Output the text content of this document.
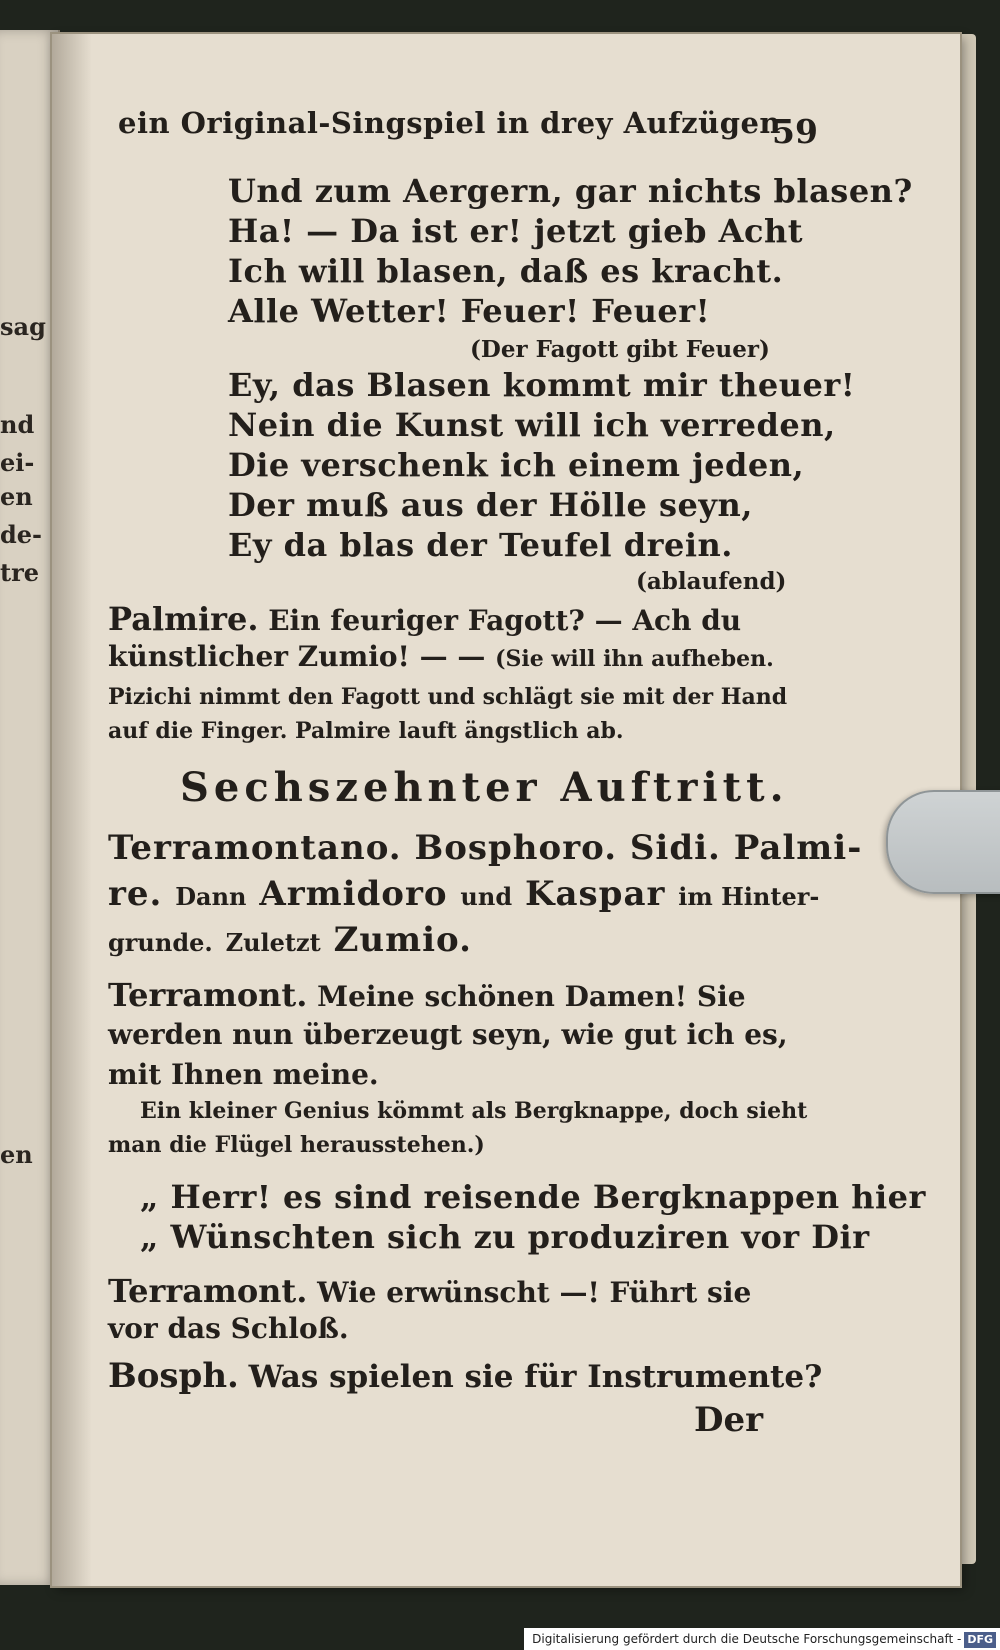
sag
nd
ei-
en
de-
tre
en
ein Original-Singspiel in drey Aufzügen
59
Und zum Aergern, gar nichts blasen?
Ha! — Da ist er! jetzt gieb Acht
Ich will blasen, daß es kracht.
Alle Wetter! Feuer! Feuer!
(Der Fagott gibt Feuer)
Ey, das Blasen kommt mir theuer!
Nein die Kunst will ich verreden,
Die verschenk ich einem jeden,
Der muß aus der Hölle seyn,
Ey da blas der Teufel drein.
(ablaufend)
Palmire. Ein feuriger Fagott? — Ach du
künstlicher Zumio! — — (Sie will ihn aufheben.
Pizichi nimmt den Fagott und schlägt sie mit der Hand
auf die Finger. Palmire lauft ängstlich ab.
Sechszehnter Auftritt.
Terramontano. Bosphoro. Sidi. Palmi-
re. Dann Armidoro und Kaspar im Hinter-
grunde. Zuletzt Zumio.
Terramont. Meine schönen Damen! Sie
werden nun überzeugt seyn, wie gut ich es,
mit Ihnen meine.
Ein kleiner Genius kömmt als Bergknappe, doch sieht
man die Flügel herausstehen.)
„ Herr! es sind reisende Bergknappen hier
„ Wünschten sich zu produziren vor Dir
Terramont. Wie erwünscht —! Führt sie
vor das Schloß.
Bosph. Was spielen sie für Instrumente?
Der
Digitalisierung gefördert durch die Deutsche Forschungsgemeinschaft - DFG
